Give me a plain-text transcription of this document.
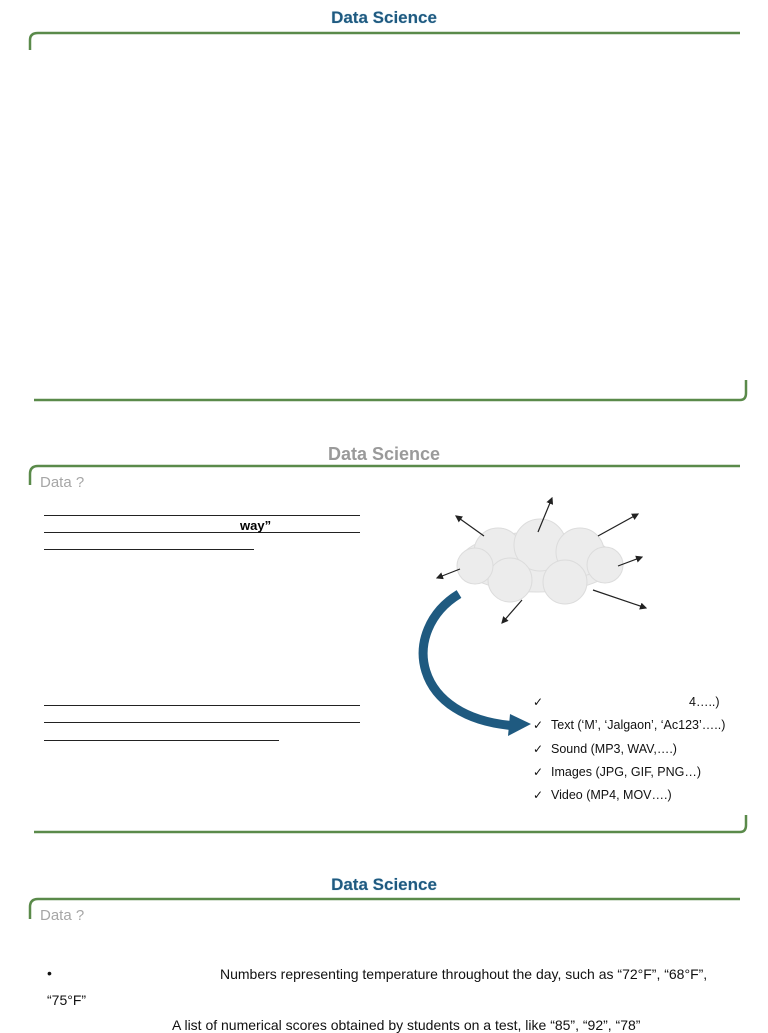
Data Science
Data Science
Data ?
way”
✓	4…..)
✓ Text (‘M’, ‘Jalgaon’, ‘Ac123’…..)
✓ Sound (MP3, WAV,….)
✓ Images (JPG, GIF, PNG…)
✓ Video (MP4, MOV….)
Data Science
Data ?
•	Numbers representing temperature throughout the day, such as “72°F”, “68°F”,
“75°F”
A list of numerical scores obtained by students on a test, like “85”, “92”, “78”
